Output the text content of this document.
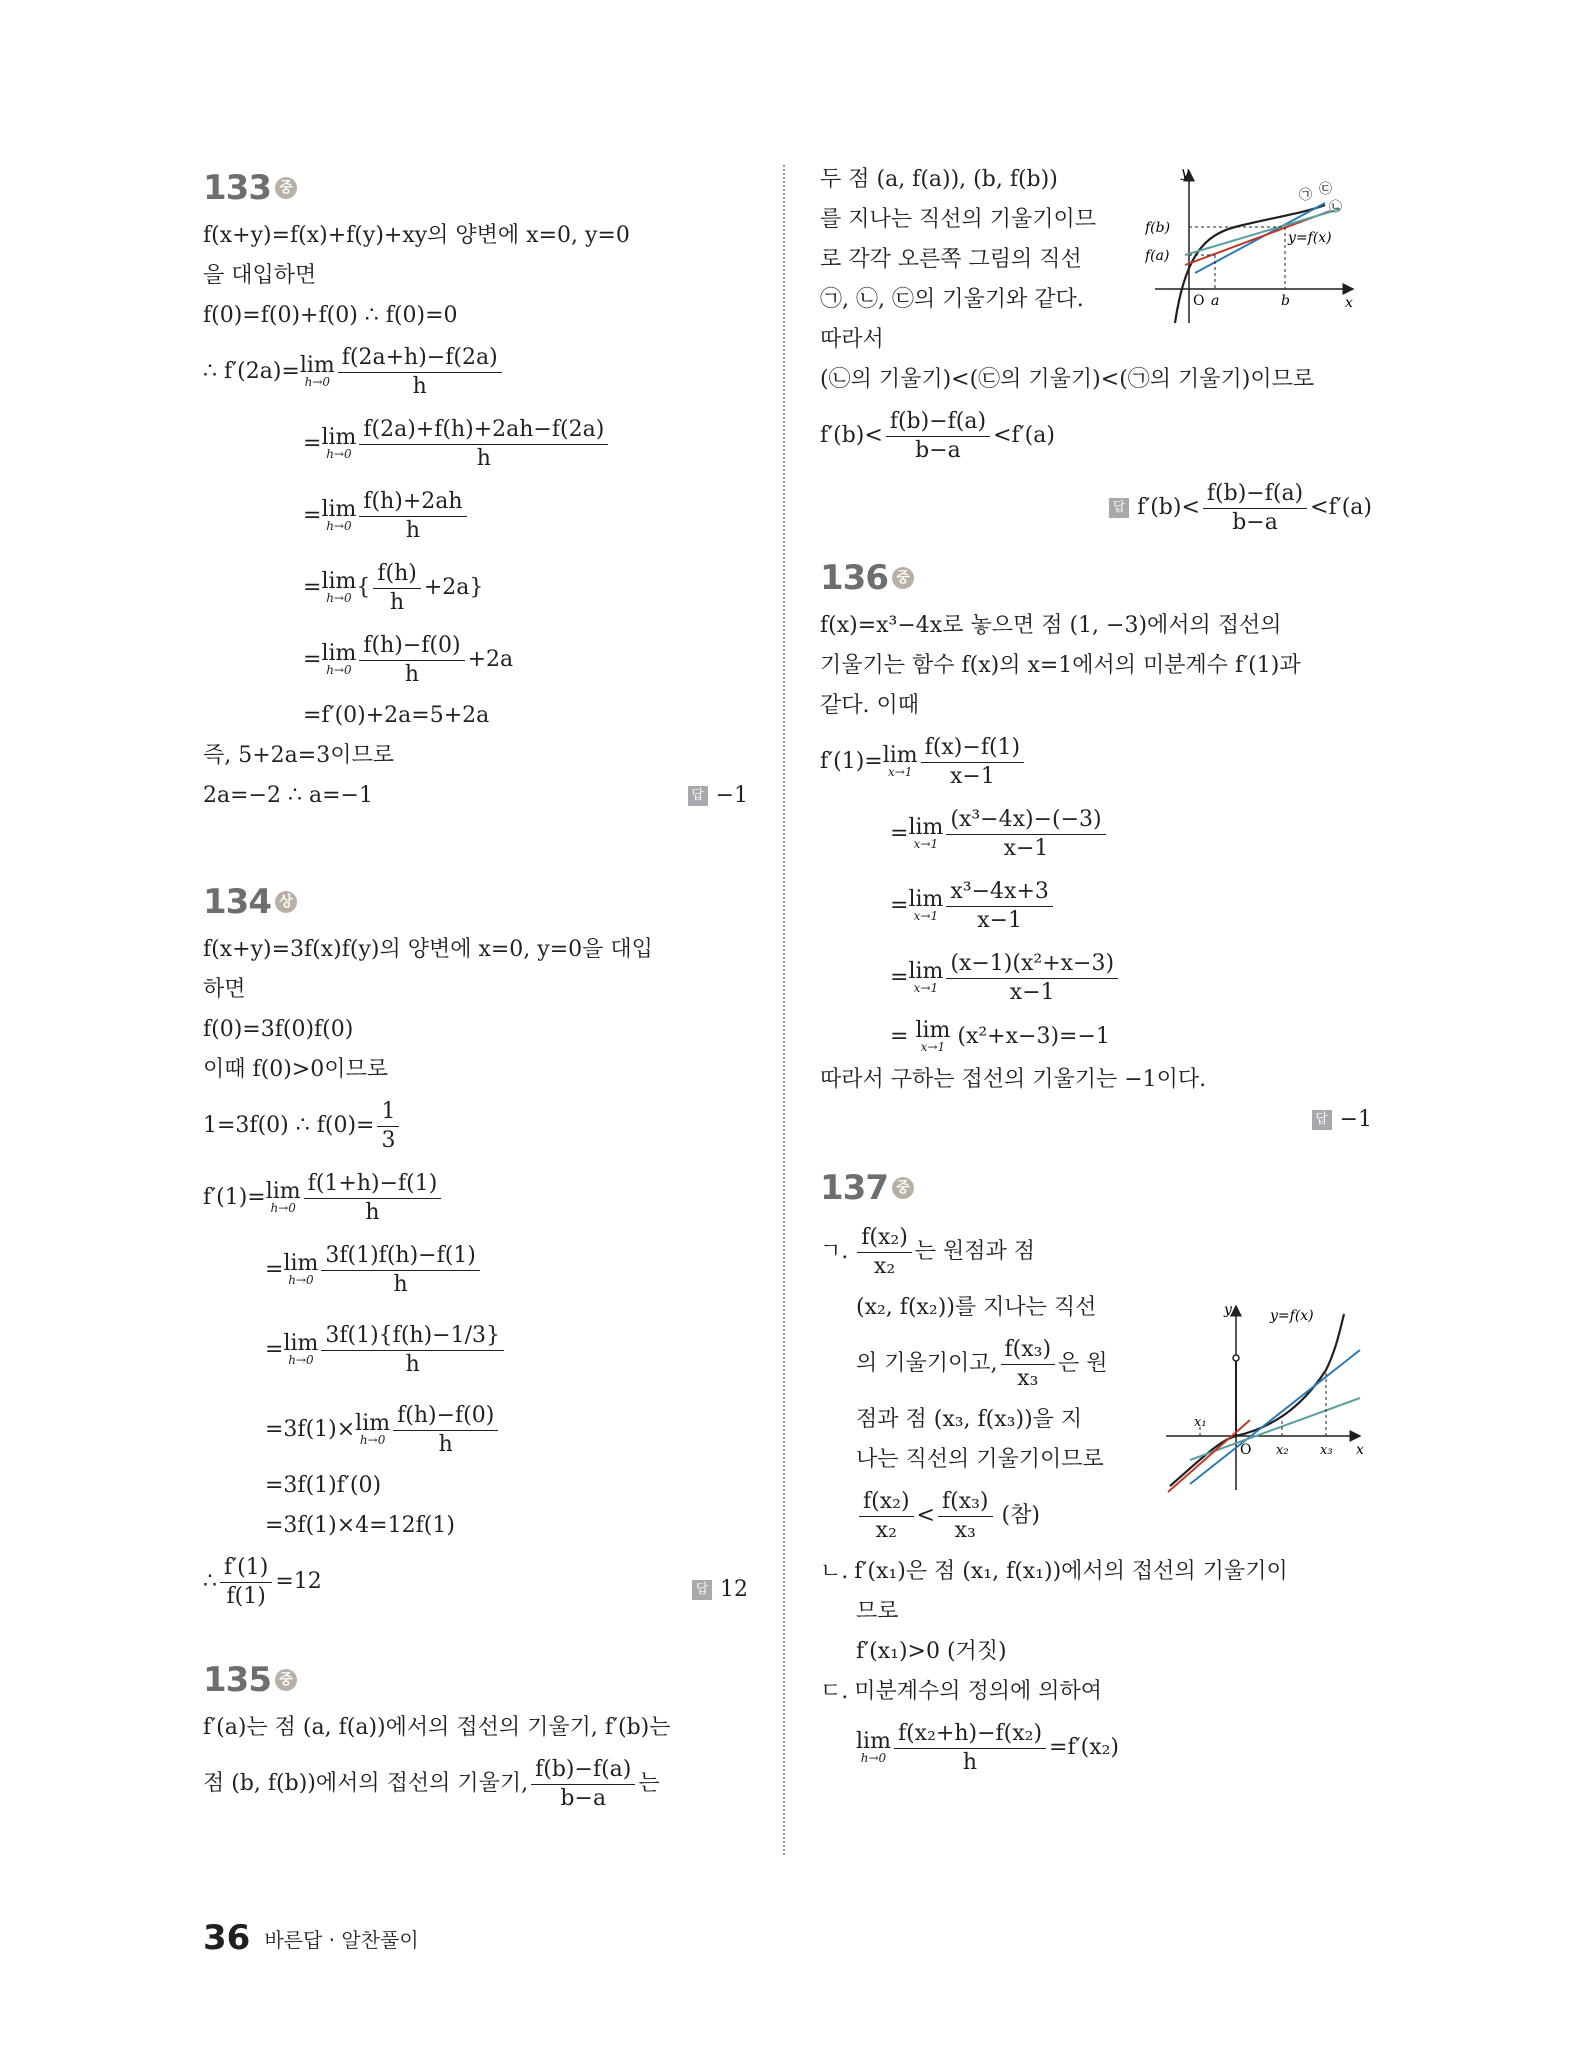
133 중
f(x+y)=f(x)+f(y)+xy의 양변에 x=0, y=0
을 대입하면
f(0)=f(0)+f(0) ∴ f(0)=0
∴ f′(2a)= lim
$h\to 0 \frac{f(2a+h)-f(2a)}{h}$
= lim
$h\to 0 \frac{f(2a)+f(h)+2ah-f(2a)}{h}$
= lim
$h\to 0 \frac{f(h)+2ah}{h}$
= lim
h→0 { $\frac{f(h)}{h} +2a$}
= lim
$h\to 0 \frac{f(h)-f(0)}{h} +2a$
=f′(0)+2a=5+2a
즉, 5+2a=3이므로
2a=−2 ∴ a=−1	답 −1
134 상
f(x+y)=3f(x)f(y)의 양변에 x=0, y=0을 대입
하면
f(0)=3f(0)f(0)
이때 f(0)>0이므로
1=3f(0) ∴ $f(0)= \frac{1}{3}$
f′(1)= lim
$h\to 0 \frac{f(1+h)-f(1)}{h}$
= lim
$h\to 0 \frac{3f(1)f(h)-f(1)}{h}$
= lim
$h\to 0 \frac{3f(1)\{f(h)-1/3\}}{h}$
=3f(1)× lim
$h\to 0 \frac{f(h)-f(0)}{h}$
=3f(1)f′(0)
=3f(1)×4=12f(1)
∴ $\frac{f'(1)}{f(1)} =12$	답 12
135 중
f′(a)는 점 (a, f(a))에서의 접선의 기울기, f′(b)는
점 (b, f(b))에서의 접선의 기울기, $\frac{f(b)-f(a)}{b-a}$ 는
두 점 (a, f(a)), (b, f(b))
를 지나는 직선의 기울기이므
로 각각 오른쪽 그림의 직선
㉠, ㉡, ㉢의 기울기와 같다.
따라서
(㉡의 기울기)<(㉢의 기울기)<(㉠의 기울기)이므로
$f'(b)< \frac{f(b)-f(a)}{b-a} <f'(a)$
답 $f'(b)< \frac{f(b)-f(a)}{b-a} <f'(a)$
136 중
f(x)=x³−4x로 놓으면 점 (1, −3)에서의 접선의
기울기는 함수 f(x)의 x=1에서의 미분계수 f′(1)과
같다. 이때
f′(1)= lim
$x\to 1 \frac{f(x)-f(1)}{x-1}$
= lim
$x\to 1 \frac{\text{(x³−4x)−(−3)}}{x-1}$
= lim
$x\to 1 \frac{\text{x³−4x+3}}{x-1}$
= lim
$x\to 1 \frac{\text{(x−1)(x²+x−3)}}{x-1}$
= lim
x→1 (x²+x−3)=−1
따라서 구하는 접선의 기울기는 −1이다.
답 −1
137 중
ㄱ. $\frac{\text{f(x₂)}}{\text{x₂}}$ 는 원점과 점
(x₂, f(x₂))를 지나는 직선
의 기울기이고, $\frac{\text{f(x₃)}}{\text{x₃}}$ 은 원
점과 점 (x₃, f(x₃))을 지
나는 직선의 기울기이므로
$\frac{\text{f(x₂)}}{\text{x₂}} < \frac{\text{f(x₃)}}{\text{x₃}}$ (참)
ㄴ. f′(x₁)은 점 (x₁, f(x₁))에서의 접선의 기울기이
므로
f′(x₁)>0 (거짓)
ㄷ. 미분계수의 정의에 의하여
lim
$h\to 0 \frac{\text{f(x₂+h)−f(x₂)}}{h} =f'(x_2)$
y
x
O a	b
f(b)
f(a)
y=f(x)
㉠ ㉢
㉡
y
x
O
x₁
x₂ x₃
y=f(x)
36 바른답 · 알찬풀이
